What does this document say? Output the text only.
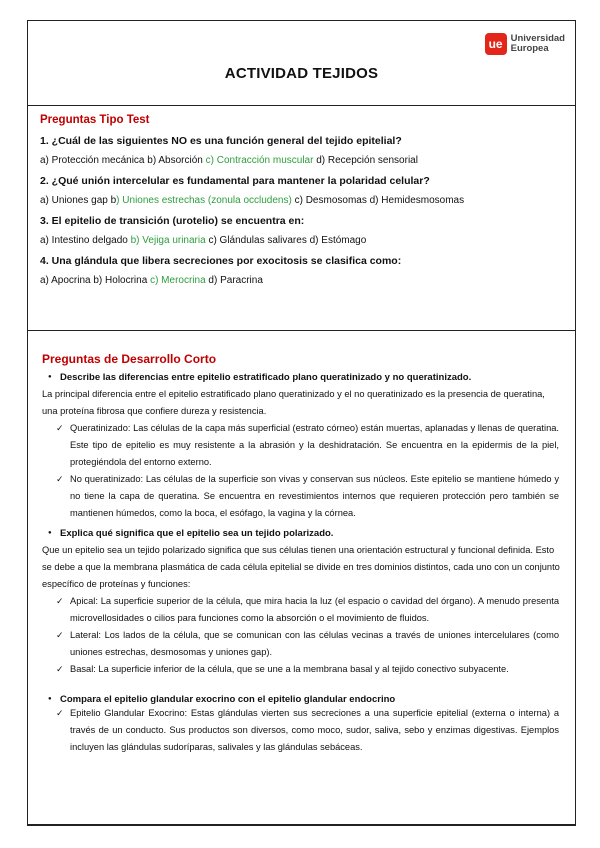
ue Universidad
Europea
ACTIVIDAD TEJIDOS
Preguntas Tipo Test
1. ¿Cuál de las siguientes NO es una función general del tejido epitelial?
a) Protección mecánica b) Absorción c) Contracción muscular d) Recepción sensorial
2. ¿Qué unión intercelular es fundamental para mantener la polaridad celular?
a) Uniones gap b) Uniones estrechas (zonula occludens) c) Desmosomas d) Hemidesmosomas
3. El epitelio de transición (urotelio) se encuentra en:
a) Intestino delgado b) Vejiga urinaria c) Glándulas salivares d) Estómago
4. Una glándula que libera secreciones por exocitosis se clasifica como:
a) Apocrina b) Holocrina c) Merocrina d) Paracrina
Preguntas de Desarrollo Corto
● Describe las diferencias entre epitelio estratificado plano queratinizado y no queratinizado.
La principal diferencia entre el epitelio estratificado plano queratinizado y el no queratinizado es la presencia de queratina, una proteína fibrosa que confiere dureza y resistencia.
✓ Queratinizado: Las células de la capa más superficial (estrato córneo) están muertas, aplanadas y llenas de queratina. Este tipo de epitelio es muy resistente a la abrasión y la deshidratación. Se encuentra en la epidermis de la piel, protegiéndola del entorno externo.
✓ No queratinizado: Las células de la superficie son vivas y conservan sus núcleos. Este epitelio se mantiene húmedo y no tiene la capa de queratina. Se encuentra en revestimientos internos que requieren protección pero también se mantienen húmedos, como la boca, el esófago, la vagina y la córnea.
● Explica qué significa que el epitelio sea un tejido polarizado.
Que un epitelio sea un tejido polarizado significa que sus células tienen una orientación estructural y funcional definida. Esto se debe a que la membrana plasmática de cada célula epitelial se divide en tres dominios distintos, cada uno con un conjunto específico de proteínas y funciones:
✓ Apical: La superficie superior de la célula, que mira hacia la luz (el espacio o cavidad del órgano). A menudo presenta microvellosidades o cilios para funciones como la absorción o el movimiento de fluidos.
✓ Lateral: Los lados de la célula, que se comunican con las células vecinas a través de uniones intercelulares (como uniones estrechas, desmosomas y uniones gap).
✓ Basal: La superficie inferior de la célula, que se une a la membrana basal y al tejido conectivo subyacente.
● Compara el epitelio glandular exocrino con el epitelio glandular endocrino
✓ Epitelio Glandular Exocrino: Estas glándulas vierten sus secreciones a una superficie epitelial (externa o interna) a través de un conducto. Sus productos son diversos, como moco, sudor, saliva, sebo y enzimas digestivas. Ejemplos incluyen las glándulas sudoríparas, salivales y las glándulas sebáceas.
